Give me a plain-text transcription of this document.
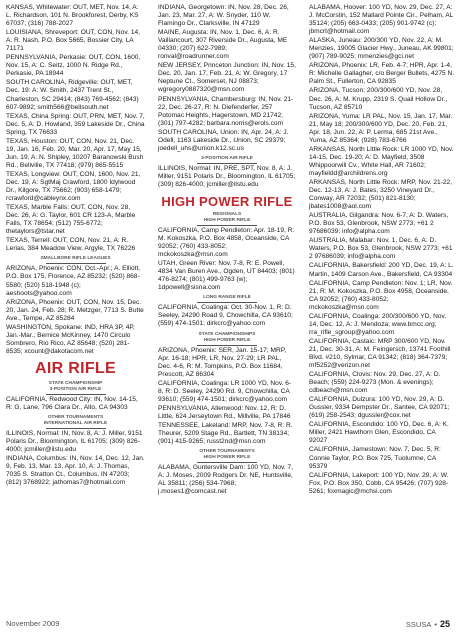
KANSAS, Whitewater: OUT, MET, Nov. 14, A: L. Richardson, 101 N. Brookforest, Derby, KS 67037; (316) 788-2027
LOUISIANA, Shreveport: OUT, CON, Nov. 14, A: R. Nash, P.O. Box 5665, Bossier City, LA 71171
PENNSYLVANIA, Perkasie: OUT, CON, 1600, Nov. 15, A: C. Seitz, 1000 N. Ridge Rd., Perkasie, PA 18944
SOUTH CAROLINA, Ridgeville: OUT, MET, Dec. 19: A: W. Smith, 2437 Trent St., Charleston, SC 29414; (843) 769-4562; (843) 607-9892; smith566@bellsouth.net
TEXAS, China Spring: OUT, PRN, MET, Nov. 7, Dec. 5, A: D. Howland, 359 Lakeside Dr., China Spring, TX 76633
TEXAS, Houston: OUT, CON, Nov. 21, Dec. 19, Jan. 16, Feb. 20, Mar. 20, Apr. 17, May 15, Jun. 19, A: N. Shipley, 10207 Baranowski Bush Rd., Bellville, TX 77418; (979) 865-5515
TEXAS, Longview: OUT, CON, 1600, Nov. 21, Dec. 19, A: SgtMaj Crawford, 1800 Idylwood Dr., Kilgore, TX 75662; (903) 658-1479; rcrawford@cableynx.com
TEXAS, Marble Falls: OUT, CON, Nov. 28, Dec. 26, A: G. Taylor, 601 CR 123-A, Marble Falls, TX 78654; (512) 755-6772; thetaylors@tstar.net
TEXAS, Terrell: OUT, CON, Nov. 21, A: R. Lerias, 384 Meadow View, Argyle, TX 76226
SMALLBORE RIFLE LEAGUES
ARIZONA, Phoenix: CON, Oct.-Apr.; A. Elliott, P.O. Box 175, Florence, AZ 85232; (520) 868-5580; (520) 518-1948 (c); aeshoots@yahoo.com
ARIZONA, Phoenix: OUT, CON, Nov. 15, Dec. 20, Jan. 24, Feb. 28; R. Metzger, 7713 S. Butte Ave., Tempe, AZ 85284
WASHINGTON, Spokane: IND, HRA 3P, 4P, Jan.-Mar.; Bernice McKinney, 1470 Circulo Sombrero, Rio Rico, AZ 85648; (520) 281-8535; xcount@dakotacom.net
AIR RIFLE
STATE CHAMPIONSHIP
3-POSITION AIR RIFLE
CALIFORNIA, Redwood City: IN, Nov. 14-15, R: G. Lane, 796 Clara Dr., Alto, CA 94303
OTHER TOURNAMENTS
INTERNATIONAL AIR RIFLE
ILLINOIS, Normal: IN, Nov. 8, A: J. Miller, 9151 Polaris Dr., Bloomington, IL 61705; (309) 826-4000; jcmiller@ilstu.edu
INDIANA, Columbus: IN, Nov. 14, Dec. 12, Jan. 9, Feb. 13, Mar. 13, Apr. 10, A: J. Thomas, 7035 S. Stratton Ct., Columbus, IN 47203; (812) 3768922; jathomas7@hotmail.com
INDIANA, Georgetown: IN, Nov. 28, Dec. 26, Jan. 23, Mar. 27, A: W. Snyder, 110 W. Flamingo Dr., Clarksville, IN 47129
MAINE, Augusta: IN, Nov. 1, Dec. 6, A: R. Vaillancourt, 307 Riverside Dr., Augusta, ME 04330; (207) 622-7989; ronval@roadrunner.com
NEW JERSEY, Princeton Junction: IN, Nov. 15, Dec. 20, Jan. 17, Feb. 21, A: W. Gregory, 17 Neptune Ct., Somerset, NJ 08873; wgregory0887320@msn.com
PENNSYLVANIA, Chambersburg: IN, Nov. 21-22, Dec. 26-27, R: N. Diefenderfer, 257 Potomac Heights, Hagerstown, MD 21742; (301) 797-4282; barbara.norris@erols.com
SOUTH CAROLINA, Union: IN, Apr. 24, A: J. Odell, 1163 Lakeside Dr., Union, SC 29379; joedell_uhs@union.k12.sc.us
3-POSITION AIR RIFLE
ILLINOIS, Normal: IN, PRE, SPT, Nov. 8, A: J. Miller, 9151 Polaris Dr., Bloomington, IL 61705; (309) 826-4000; jcmiller@ilstu.edu
HIGH POWER RIFLE
REGIONALS
HIGH POWER RIFLE
CALIFORNIA, Camp Pendleton: Apr. 18-19, R: M. Kokoszka, P.O. Box 4858, Oceanside, CA 92052; (760) 433-8052; mckokoszka@msn.com
UTAH, Green River: Nov. 7-8, R: E. Powell, 4834 Van Buren Ave., Ogden, UT 84403; (801) 476-8274; (801) 499-9763 (w); 1dpowell@sisna.com
LONG RANGE RIFLE
CALIFORNIA, Coalinga: Oct. 30-Nov. 1, R: D. Seeley, 24290 Road 9, Chowchilla, CA 93610; (559) 474-1501; dirkcrc@yahoo.com
STATE CHAMPIONSHIPS
HIGH POWER RIFLE
ARIZONA, Phoenix: SER, Jan. 15-17; MRP, Apr. 16-18; HPR, LR, Nov. 27-29; LR PAL, Dec. 4-6, R: M. Tompkins, P.O. Box 11684, Prescott, AZ 86304
CALIFORNIA, Coalinga: LR 1000 YD, Nov. 6-8, R: D. Seeley, 24290 Rd. 9, Chowchilla, CA 93610; (559) 474-1501; dirkcrc@yahoo.com
PENNSYLVANIA, Allenwood: Nov. 12, R: D. Little, 624 Jerseytown Rd., Millville, PA 17846
TENNESSEE, Lakeland: MRP, Nov. 7-8, R: R. Theurer, 5209 Stage Rd., Bartlett, TN 38134; (901) 415-9265; russt2nd@msn.com
OTHER TOURNAMENTS
HIGH POWER RIFLE
ALABAMA, Guntersville Dam: 100 YD, Nov. 7, A: J. Moses, 2009 Rodgers Dr. NE, Huntsville, AL 35811; (256) 534-7968; j.moses1@comcast.net
ALABAMA, Hoover: 100 YD, Nov. 29, Dec. 27, A: J. McCorstin, 152 Mallard Pointe Cir., Pelham, AL 35124; (205) 663-0433; (205) 901-9742 (c); jbmcrt@hotmail.com
ALASKA, Juneau: 200/300 YD, Nov. 22, A: M. Menzies, 19005 Glacier Hwy., Juneau, AK 99801; (907) 789-9025; mmenzies@gci.net
ARIZONA, Phoenix: LR, Feb. 4-7; HPR, Apr. 1-4, R: Michelle Gallagher, c/o Berger Bullets, 4275 N. Palm St., Fullerton, CA 92835
ARIZONA, Tucson: 200/300/600 YD, Nov. 28, Dec. 26, A: M. Krupp, 2319 S. Quail Hollow Dr., Tucson, AZ 85710
ARIZONA, Yuma: LR PAL, Nov. 15, Jan. 17, Mar. 21, May 18; 200/300/600 YD, Dec. 20, Feb. 21, Apr. 18, Jun. 22, A: P. Lerma, 685 21st Ave., Yuma, AZ 85364; (928) 783-6766
ARKANSAS, North Little Rock: LR 1000 YD, Nov. 14-15, Dec. 19-20; A: D. Mayfield, 3508 Whippoorwill Cv., White Hall, AR 71602; mayfieldd@archildrens.org
ARKANSAS, North Little Rock: MRP, Nov. 21-22, Dec. 12-13, A: J. Bates, 3250 Vineyard Dr., Conway, AR 72032; (501) 821-8130; jbates1008@aol.com
AUSTRALIA, Gilgandra: Nov. 6-7, A: D. Waters, P.O. Box 53, Glenbrook, NSW 2773; +61 2 97686039; info@alpha.com
AUSTRALIA, Malabar: Nov. 1, Dec. 6, A: D. Waters, P.O. Box 53, Glenbrook, NSW 2773; +61 2 97686039; info@alpha.com
CALIFORNIA, Bakersfield: 200 YD, Dec. 19, A: L. Martin, 1409 Carson Ave., Bakersfield, CA 93304
CALIFORNIA, Camp Pendleton: Nov. 1; LR, Nov. 21, R: M. Kokoszka, P.O. Box 4958, Oceanside, CA 92052; (760) 433-8052; mckokoszka@msn.com
CALIFORNIA, Coalinga: 200/300/600 YD, Nov. 14, Dec. 12, A: J. Mendoza; www.bmcc.org; rra_rifle_sgroup@yahoo.com
CALIFORNIA, Castaic: MRP 300/600 YD, Nov. 21, Dec. 30-31, A: M. Feingersch, 13741 Foothill Blvd. #210, Sylmar, CA 91342; (818) 364-7379; mf5252@verizon.net
CALIFORNIA, Clovis: Nov. 29, Dec. 27, A: D. Beach; (559) 224-9273 (Mon. & evenings); cdbeach@msn.com
CALIFORNIA, Dulzura: 100 YD, Nov. 29, A: D. Gussler, 9334 Dempster Dr., Santee, CA 92071; (619) 258-2543; dgussler@cox.net
CALIFORNIA, Escondido: 100 YD, Dec. 6, A: K. Miller, 2421 Hawthorn Glen, Escondido, CA 92027
CALIFORNIA, Jamestown: Nov. 7, Dec. 5, R: Connie Taylor, P.O. Box 725, Tuolumne, CA 95379
CALIFORNIA, Lakeport: 100 YD, Nov. 29, A: W. Fox, P.O. Box 350, Cobb, CA 95426; (707) 928-5261; foxmagic@mchsi.com
November 2009	SSUSA • 25
